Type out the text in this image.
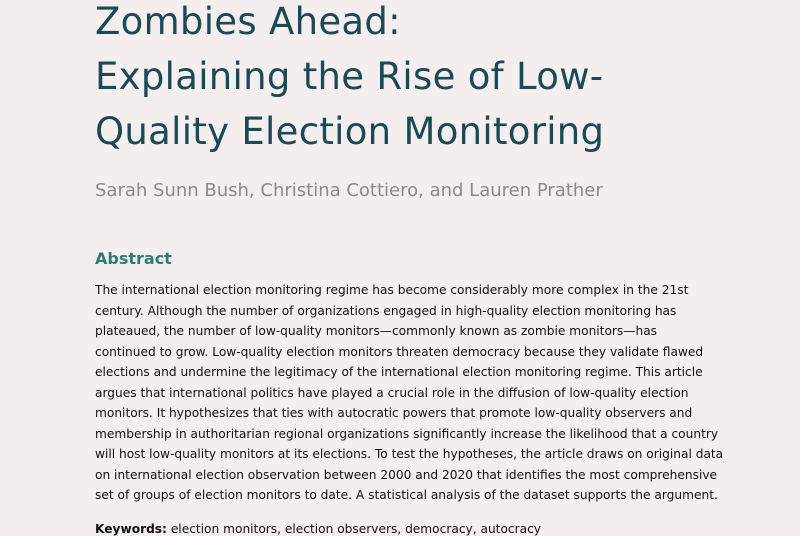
Zombies Ahead:
Explaining the Rise of Low-
Quality Election Monitoring

Sarah Sunn Bush, Christina Cottiero, and Lauren Prather

Abstract

The international election monitoring regime has become considerably more complex in the 21st
century. Although the number of organizations engaged in high-quality election monitoring has
plateaued, the number of low-quality monitors—commonly known as zombie monitors—has
continued to grow. Low-quality election monitors threaten democracy because they validate flawed
elections and undermine the legitimacy of the international election monitoring regime. This article
argues that international politics have played a crucial role in the diffusion of low-quality election
monitors. It hypothesizes that ties with autocratic powers that promote low-quality observers and
membership in authoritarian regional organizations significantly increase the likelihood that a country
will host low-quality monitors at its elections. To test the hypotheses, the article draws on original data
on international election observation between 2000 and 2020 that identifies the most comprehensive
set of groups of election monitors to date. A statistical analysis of the dataset supports the argument.

Keywords: election monitors, election observers, democracy, autocracy
